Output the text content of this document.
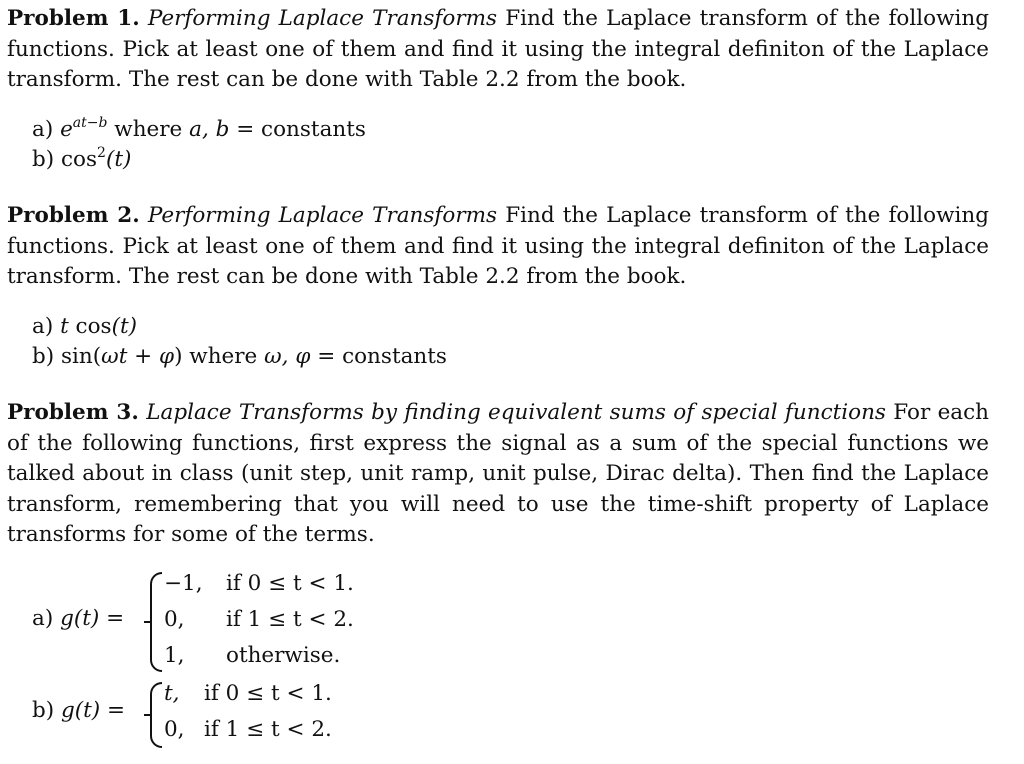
Problem 1. Performing Laplace Transforms Find the Laplace transform of the following functions. Pick at least one of them and find it using the integral definiton of the Laplace transform. The rest can be done with Table 2.2 from the book.
a) $e^{at-b}$ where a, b = constants
b) $\cos^2(t)$
Problem 2. Performing Laplace Transforms Find the Laplace transform of the following functions. Pick at least one of them and find it using the integral definiton of the Laplace transform. The rest can be done with Table 2.2 from the book.
a) t cos(t)
b) sin(ωt + φ) where ω, φ = constants
Problem 3. Laplace Transforms by finding equivalent sums of special functions For each of the following functions, first express the signal as a sum of the special functions we talked about in class (unit step, unit ramp, unit pulse, Dirac delta). Then find the Laplace transform, remembering that you will need to use the time-shift property of Laplace transforms for some of the terms.
a) g(t) =
−1, if 0 ≤ t < 1.
0, if 1 ≤ t < 2.
1, otherwise.
b) g(t) =
t, if 0 ≤ t < 1.
0, if 1 ≤ t < 2.
